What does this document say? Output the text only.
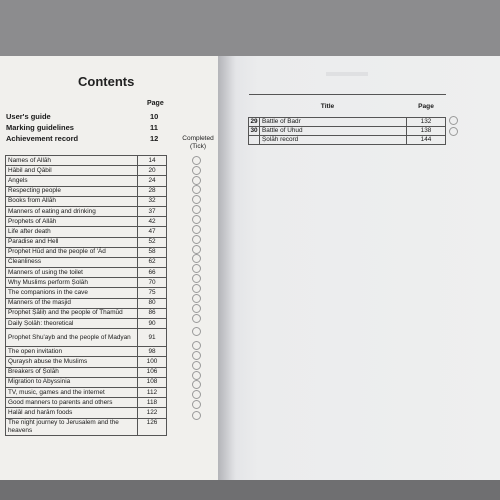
Contents
Page
User's guide	10
Marking guidelines	11
Achievement record	12	Completed
(Tick)
Names of Allāh	14
Hābil and Qābil	20
Angels	24
Respecting people	28
Books from Allāh	32
Manners of eating and drinking	37
Prophets of Allāh	42
Life after death	47
Paradise and Hell	52
Prophet Hūd and the people of 'Ād	58
Cleanliness	62
Manners of using the toilet	66
Why Muslims perform Ṣolāh	70
The companions in the cave	75
Manners of the masjid	80
Prophet Ṣāliḥ and the people of Thamūd	86
Daily Ṣolāh: theoretical	90
Prophet Shu'ayb and the people of Madyan	91
The open invitation	98
Quraysh abuse the Muslims	100
Breakers of Ṣolāh	106
Migration to Abyssinia	108
TV, music, games and the internet	112
Good manners to parents and others	118
Halāl and harām foods	122
The night journey to Jerusalem and the heavens	126
Title		Page
29	Battle of Badr	132
30	Battle of Uhud	138
	Ṣolāh record	144
